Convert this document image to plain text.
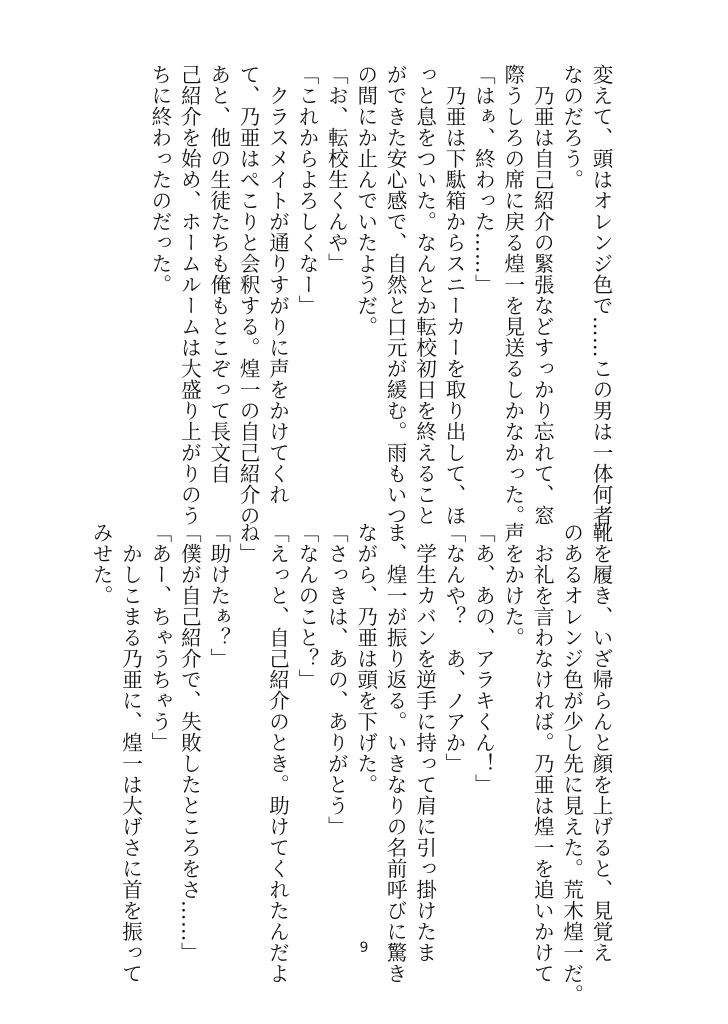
変えて、頭はオレンジ色で……この男は一体何者
なのだろう。
　乃亜は自己紹介の緊張などすっかり忘れて、窓
際うしろの席に戻る煌一を見送るしかなかった。
「はぁ、終わった……」
　乃亜は下駄箱からスニーカーを取り出して、ほ
っと息をついた。なんとか転校初日を終えること
ができた安心感で、自然と口元が緩む。雨もいつ
の間にか止んでいたようだ。
「お、転校生くんや」
「これからよろしくなー」
　クラスメイトが通りすがりに声をかけてくれ
て、乃亜はぺこりと会釈する。煌一の自己紹介の
あと、他の生徒たちも俺もとこぞって長文自
己紹介を始め、ホームルームは大盛り上がりのう
ちに終わったのだった。
靴を履き、いざ帰らんと顔を上げると、見覚え
のあるオレンジ色が少し先に見えた。荒木煌一だ。
　お礼を言わなければ。乃亜は煌一を追いかけて
声をかけた。
「あ、あの、アラキくん！」
「なんや？　あ、ノアか」
　学生カバンを逆手に持って肩に引っ掛けたま
ま、煌一が振り返る。いきなりの名前呼びに驚き
ながら、乃亜は頭を下げた。
「さっきは、あの、ありがとう」
「なんのこと？」
「えっと、自己紹介のとき。助けてくれたんだよ
ね」
「助けたぁ？」
「僕が自己紹介で、失敗したところをさ……」
「あー、ちゃうちゃう」
　かしこまる乃亜に、煌一は大げさに首を振って
みせた。
9
